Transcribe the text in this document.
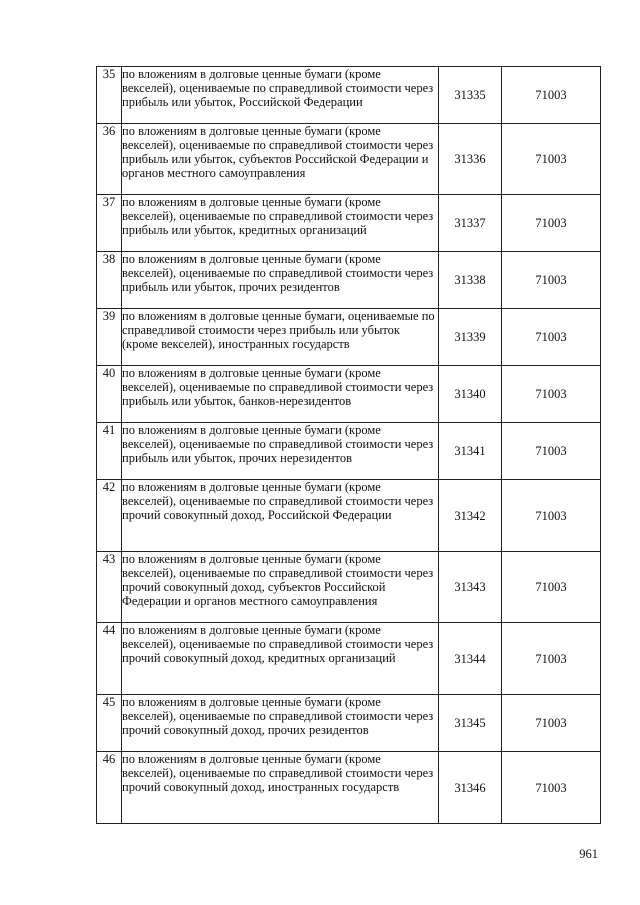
35	по вложениям в долговые ценные бумаги (кроме векселей), оцениваемые по справедливой стоимости через прибыль или убыток, Российской Федерации	31335	71003
36	по вложениям в долговые ценные бумаги (кроме векселей), оцениваемые по справедливой стоимости через прибыль или убыток, субъектов Российской Федерации и органов местного самоуправления	31336	71003
37	по вложениям в долговые ценные бумаги (кроме векселей), оцениваемые по справедливой стоимости через прибыль или убыток, кредитных организаций	31337	71003
38	по вложениям в долговые ценные бумаги (кроме векселей), оцениваемые по справедливой стоимости через прибыль или убыток, прочих резидентов	31338	71003
39	по вложениям в долговые ценные бумаги, оцениваемые по справедливой стоимости через прибыль или убыток (кроме векселей), иностранных государств	31339	71003
40	по вложениям в долговые ценные бумаги (кроме векселей), оцениваемые по справедливой стоимости через прибыль или убыток, банков-нерезидентов	31340	71003
41	по вложениям в долговые ценные бумаги (кроме векселей), оцениваемые по справедливой стоимости через прибыль или убыток, прочих нерезидентов	31341	71003
42	по вложениям в долговые ценные бумаги (кроме векселей), оцениваемые по справедливой стоимости через прочий совокупный доход, Российской Федерации	31342	71003
43	по вложениям в долговые ценные бумаги (кроме векселей), оцениваемые по справедливой стоимости через прочий совокупный доход, субъектов Российской Федерации и органов местного самоуправления	31343	71003
44	по вложениям в долговые ценные бумаги (кроме векселей), оцениваемые по справедливой стоимости через прочий совокупный доход, кредитных организаций	31344	71003
45	по вложениям в долговые ценные бумаги (кроме векселей), оцениваемые по справедливой стоимости через прочий совокупный доход, прочих резидентов	31345	71003
46	по вложениям в долговые ценные бумаги (кроме векселей), оцениваемые по справедливой стоимости через прочий совокупный доход, иностранных государств	31346	71003
961
